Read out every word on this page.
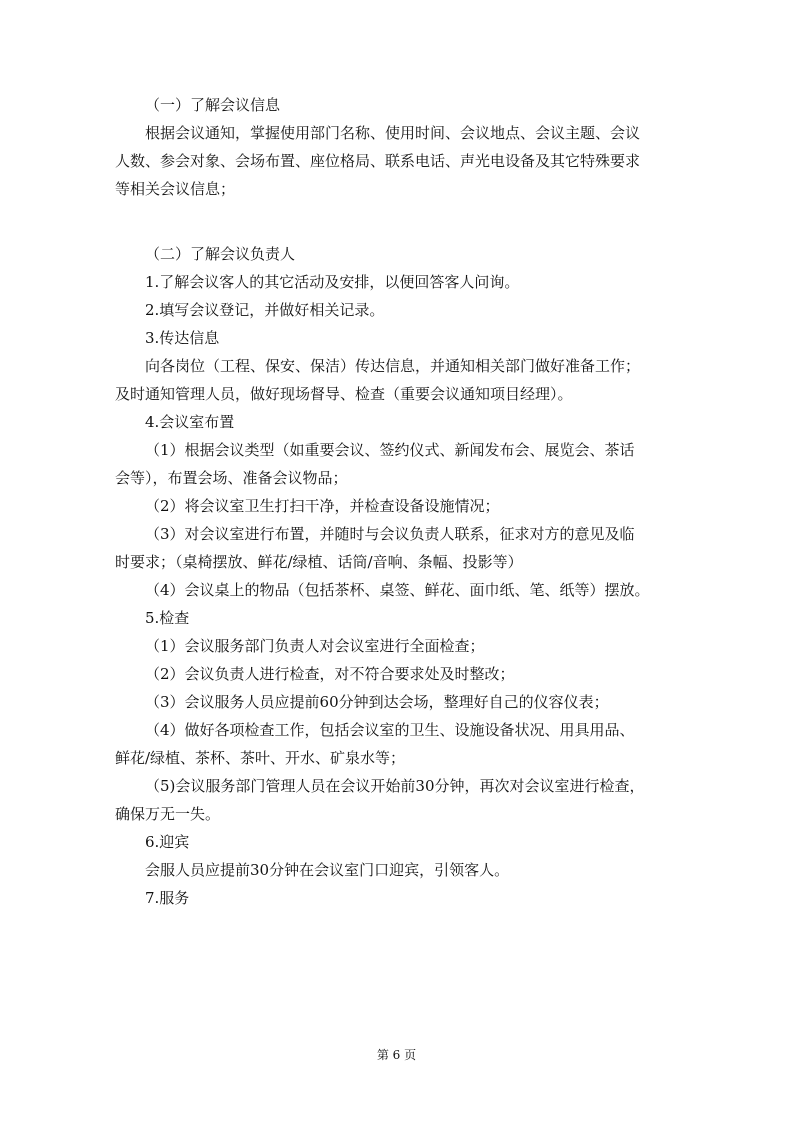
（一）了解会议信息

根据会议通知，掌握使用部门名称、使用时间、会议地点、会议主题、会议

人数、参会对象、会场布置、座位格局、联系电话、声光电设备及其它特殊要求

等相关会议信息；

（二）了解会议负责人

1.了解会议客人的其它活动及安排，以便回答客人问询。

2.填写会议登记，并做好相关记录。

3.传达信息

向各岗位（工程、保安、保洁）传达信息，并通知相关部门做好准备工作；

及时通知管理人员，做好现场督导、检查（重要会议通知项目经理）。

4.会议室布置

（1）根据会议类型（如重要会议、签约仪式、新闻发布会、展览会、茶话

会等），布置会场、准备会议物品；

（2）将会议室卫生打扫干净，并检查设备设施情况；

（3）对会议室进行布置，并随时与会议负责人联系，征求对方的意见及临

时要求；（桌椅摆放、鲜花/绿植、话筒/音响、条幅、投影等）

（4）会议桌上的物品（包括茶杯、桌签、鲜花、面巾纸、笔、纸等）摆放。

5.检查

（1）会议服务部门负责人对会议室进行全面检查；

（2）会议负责人进行检查，对不符合要求处及时整改；

（3）会议服务人员应提前60分钟到达会场，整理好自己的仪容仪表；

（4）做好各项检查工作，包括会议室的卫生、设施设备状况、用具用品、

鲜花/绿植、茶杯、茶叶、开水、矿泉水等；

（5)会议服务部门管理人员在会议开始前30分钟，再次对会议室进行检查，

确保万无一失。

6.迎宾

会服人员应提前30分钟在会议室门口迎宾，引领客人。

7.服务

第 6 页
